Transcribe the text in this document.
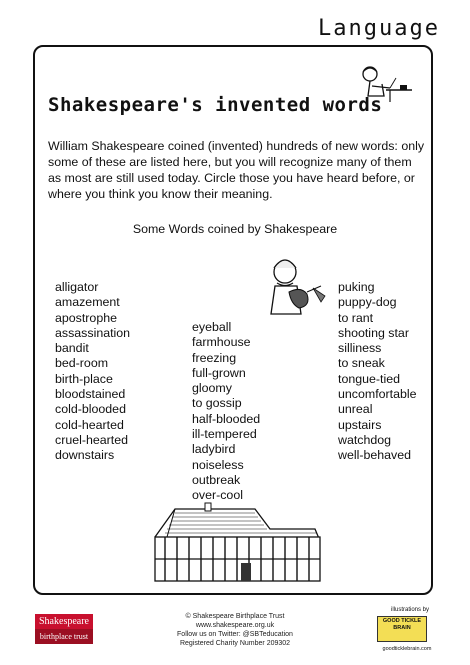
Language
Shakespeare's invented words

William Shakespeare coined (invented) hundreds of new words: only some of these are listed here, but you will recognize many of them as most are still used today. Circle those you have heard before, or where you think you know their meaning.

Some Words coined by Shakespeare
alligator
amazement
apostrophe
assassination
bandit
bed-room
birth-place
bloodstained
cold-blooded
cold-hearted
cruel-hearted
downstairs
eyeball
farmhouse
freezing
full-grown
gloomy
to gossip
half-blooded
ill-tempered
ladybird
noiseless
outbreak
over-cool
puking
puppy-dog
to rant
shooting star
silliness
to sneak
tongue-tied
uncomfortable
unreal
upstairs
watchdog
well-behaved
Shakespeare
birthplace trust
© Shakespeare Birthplace Trust
www.shakespeare.org.uk
Follow us on Twitter: @SBTeducation
Registered Charity Number 209302
illustrations by
GOOD TICKLE BRAIN
goodticklebrain.com
